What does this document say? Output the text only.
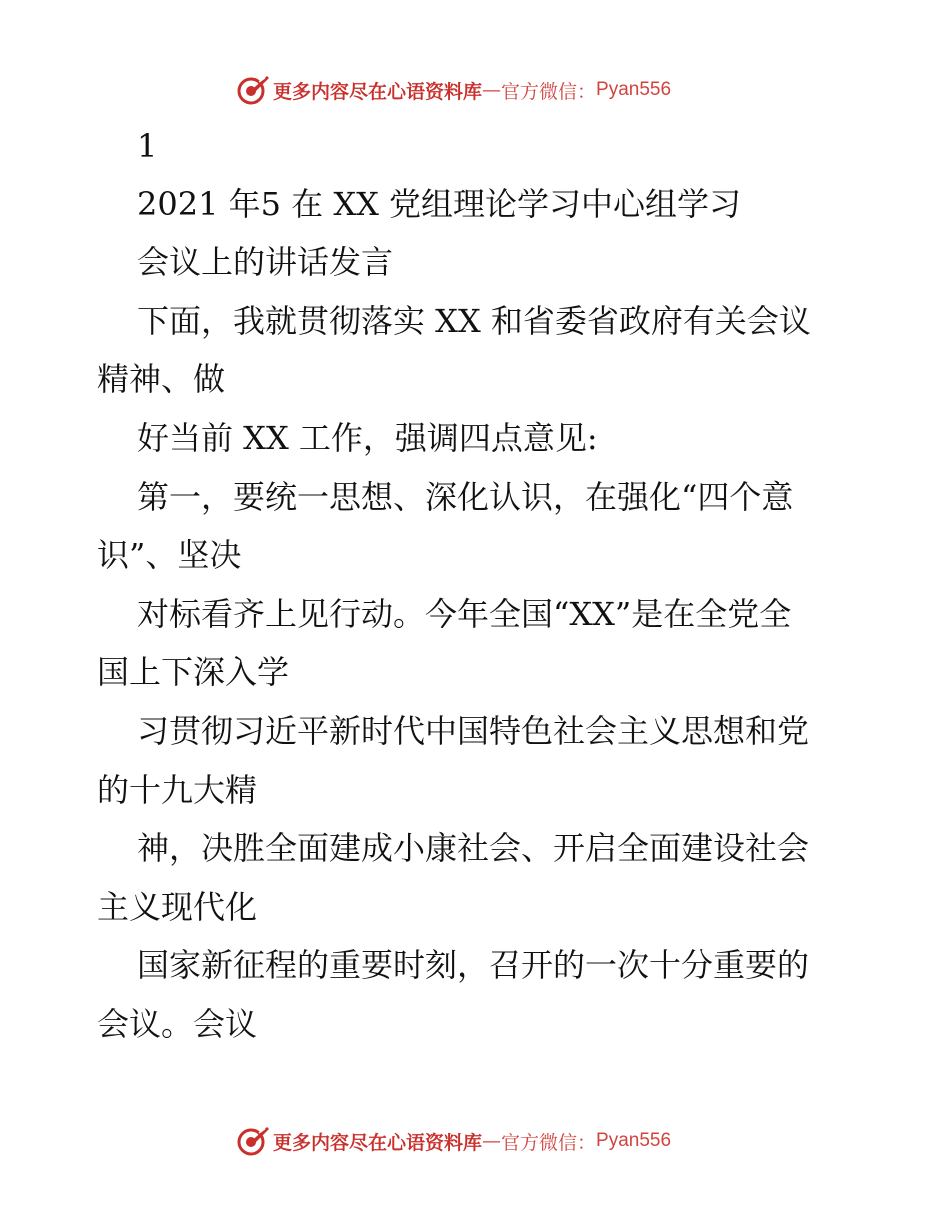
更多内容尽在心语资料库 — 官方微信： Pyan556
1
2021 年5 在 XX 党组理论学习中心组学习
会议上的讲话发言
下面，我就贯彻落实 XX 和省委省政府有关会议
精神、做
好当前 XX 工作，强调四点意见:
第一，要统一思想、深化认识，在强化“四个意
识”、坚决
对标看齐上见行动。今年全国“XX”是在全党全
国上下深入学
习贯彻习近平新时代中国特色社会主义思想和党
的十九大精
神，决胜全面建成小康社会、开启全面建设社会
主义现代化
国家新征程的重要时刻，召开的一次十分重要的
会议。会议
更多内容尽在心语资料库 — 官方微信： Pyan556
